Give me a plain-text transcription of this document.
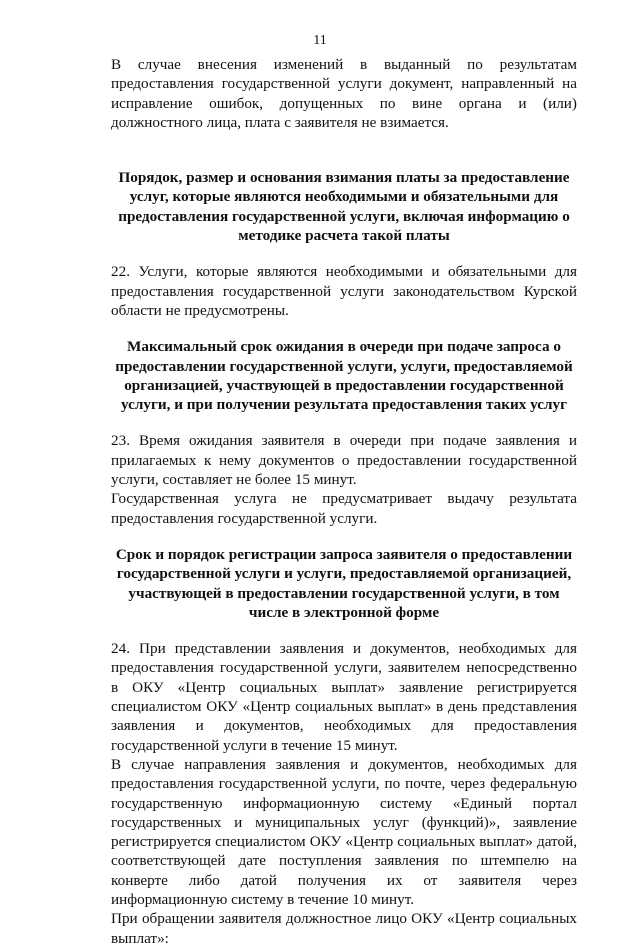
11

В случае внесения изменений в выданный по результатам предоставления государственной услуги документ, направленный на исправление ошибок, допущенных по вине органа и (или) должностного лица, плата с заявителя не взимается.

Порядок, размер и основания взимания платы за предоставление услуг, которые являются необходимыми и обязательными для предоставления государственной услуги, включая информацию о методике расчета такой платы

22. Услуги, которые являются необходимыми и обязательными для предоставления государственной услуги законодательством Курской области не предусмотрены.

Максимальный срок ожидания в очереди при подаче запроса о предоставлении государственной услуги, услуги, предоставляемой организацией, участвующей в предоставлении государственной услуги, и при получении результата предоставления таких услуг

23. Время ожидания заявителя в очереди при подаче заявления и прилагаемых к нему документов о предоставлении государственной услуги, составляет не более 15 минут.

Государственная услуга не предусматривает выдачу результата предоставления государственной услуги.

Срок и порядок регистрации запроса заявителя о предоставлении государственной услуги и услуги, предоставляемой организацией, участвующей в предоставлении государственной услуги, в том числе в электронной форме

24. При представлении заявления и документов, необходимых для предоставления государственной услуги, заявителем непосредственно в ОКУ «Центр социальных выплат» заявление регистрируется специалистом ОКУ «Центр социальных выплат» в день представления заявления и документов, необходимых для предоставления государственной услуги в течение 15 минут.

В случае направления заявления и документов, необходимых для предоставления государственной услуги, по почте, через федеральную государственную информационную систему «Единый портал государственных и муниципальных услуг (функций)», заявление регистрируется специалистом ОКУ «Центр социальных выплат» датой, соответствующей дате поступления заявления по штемпелю на конверте либо датой получения их от заявителя через информационную систему в течение 10 минут.

При обращении заявителя должностное лицо ОКУ «Центр социальных выплат»:
